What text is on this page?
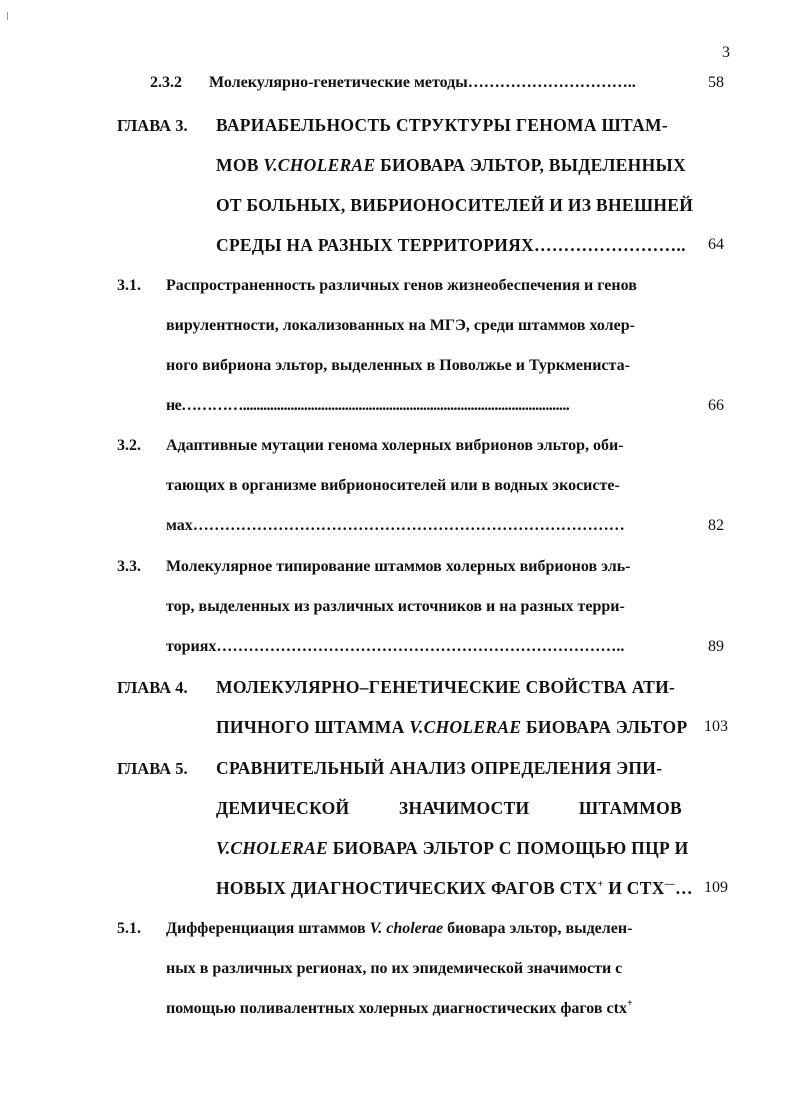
3
2.3.2 Молекулярно-генетические методы…………………………..	58
ГЛАВА 3. ВАРИАБЕЛЬНОСТЬ СТРУКТУРЫ ГЕНОМА ШТАМ-
МОВ V.CHOLERAE БИОВАРА ЭЛЬТОР, ВЫДЕЛЕННЫХ
ОТ БОЛЬНЫХ, ВИБРИОНОСИТЕЛЕЙ И ИЗ ВНЕШНЕЙ
СРЕДЫ НА РАЗНЫХ ТЕРРИТОРИЯХ……………………..	64
3.1. Распространенность различных генов жизнеобеспечения и генов
вирулентности, локализованных на МГЭ, среди штаммов холер-
ного вибриона эльтор, выделенных в Поволжье и Туркмениста-
не…………................................................................................................	66
3.2. Адаптивные мутации генома холерных вибрионов эльтор, оби-
тающих в организме вибрионосителей или в водных экосисте-
мах………………………………………………………………………	82
3.3. Молекулярное типирование штаммов холерных вибрионов эль-
тор, выделенных из различных источников и на разных терри-
ториях…………………………………………………………………..	89
ГЛАВА 4. МОЛЕКУЛЯРНО–ГЕНЕТИЧЕСКИЕ СВОЙСТВА АТИ-
ПИЧНОГО ШТАММА V.CHOLERAE БИОВАРА ЭЛЬТОР	103
ГЛАВА 5. СРАВНИТЕЛЬНЫЙ АНАЛИЗ ОПРЕДЕЛЕНИЯ ЭПИ-
ДЕМИЧЕСКОЙ	ЗНАЧИМОСТИ	ШТАММОВ
V.CHOLERAE БИОВАРА ЭЛЬТОР С ПОМОЩЬЮ ПЦР И
НОВЫХ ДИАГНОСТИЧЕСКИХ ФАГОВ СТХ+ И СТХ—… 109
5.1. Дифференциация штаммов V. cholerae биовара эльтор, выделен-
ных в различных регионах, по их эпидемической значимости с
помощью поливалентных холерных диагностических фагов ctx+
